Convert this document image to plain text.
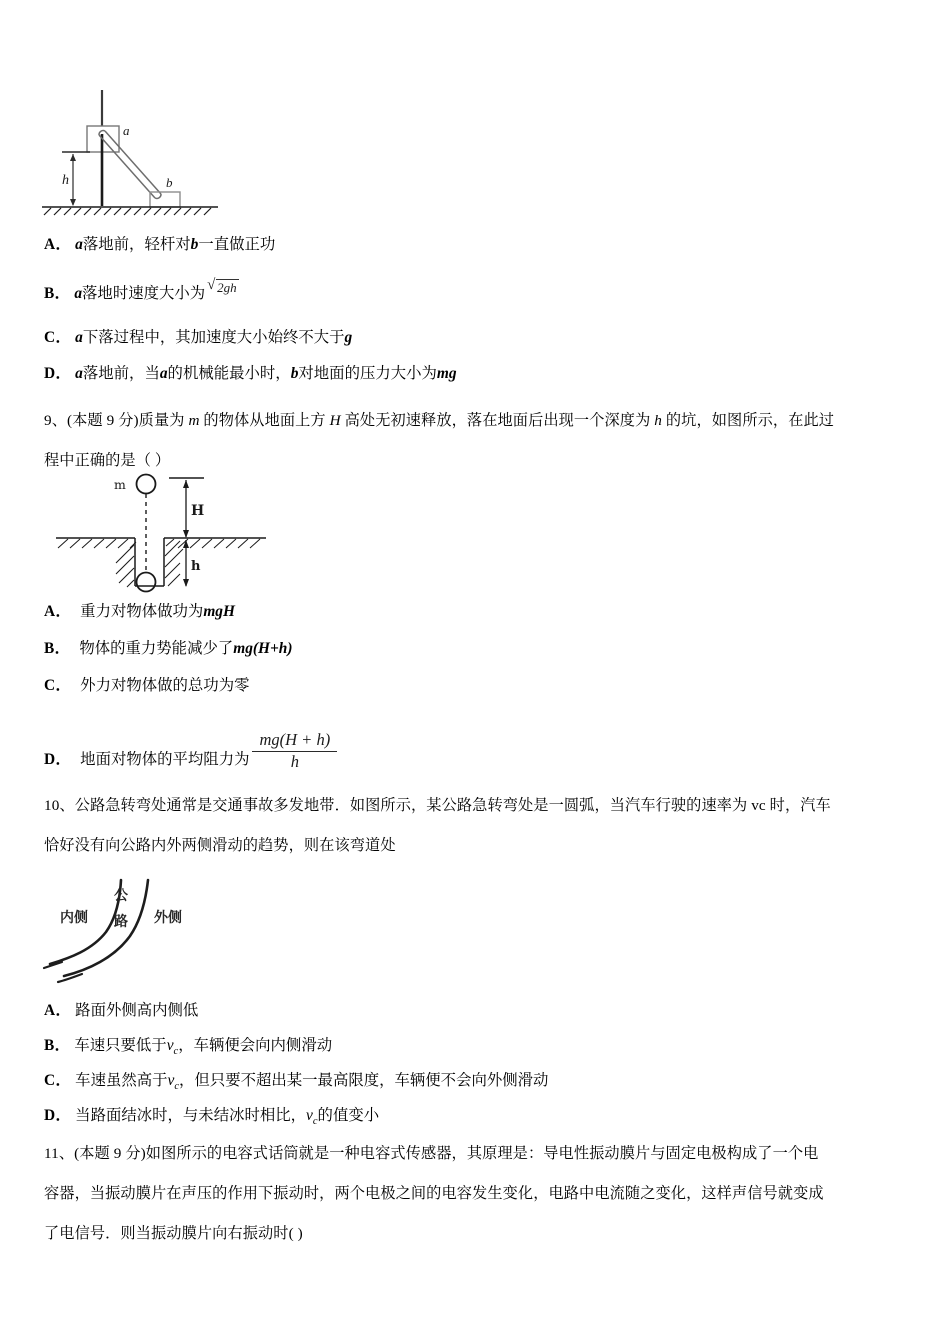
a
b
h
A． a落地前，轻杆对b一直做正功
B． a落地时速度大小为 √ 2gh
C． a下落过程中，其加速度大小始终不大于g
D． a落地前，当a的机械能最小时，b对地面的压力大小为mg
9、(本题 9 分)质量为 m 的物体从地面上方 H 高处无初速释放，落在地面后出现一个深度为 h 的坑，如图所示，在此过
程中正确的是（ ）
m
H
h
A． 重力对物体做功为mgH
B． 物体的重力势能减少了mg(H+h)
C． 外力对物体做的总功为零
D． 地面对物体的平均阻力为 $\frac{mg(H + h)}{h}$
10、公路急转弯处通常是交通事故多发地带．如图所示，某公路急转弯处是一圆弧，当汽车行驶的速率为 vc 时，汽车
恰好没有向公路内外两侧滑动的趋势，则在该弯道处
内侧
公
路 外侧
A． 路面外侧高内侧低
B． 车速只要低于$v_c$，车辆便会向内侧滑动
C． 车速虽然高于$v_c$，但只要不超出某一最高限度，车辆便不会向外侧滑动
D． 当路面结冰时，与未结冰时相比，$v_c$的值变小
11、(本题 9 分)如图所示的电容式话筒就是一种电容式传感器，其原理是：导电性振动膜片与固定电极构成了一个电
容器，当振动膜片在声压的作用下振动时，两个电极之间的电容发生变化，电路中电流随之变化，这样声信号就变成
了电信号．则当振动膜片向右振动时( )
